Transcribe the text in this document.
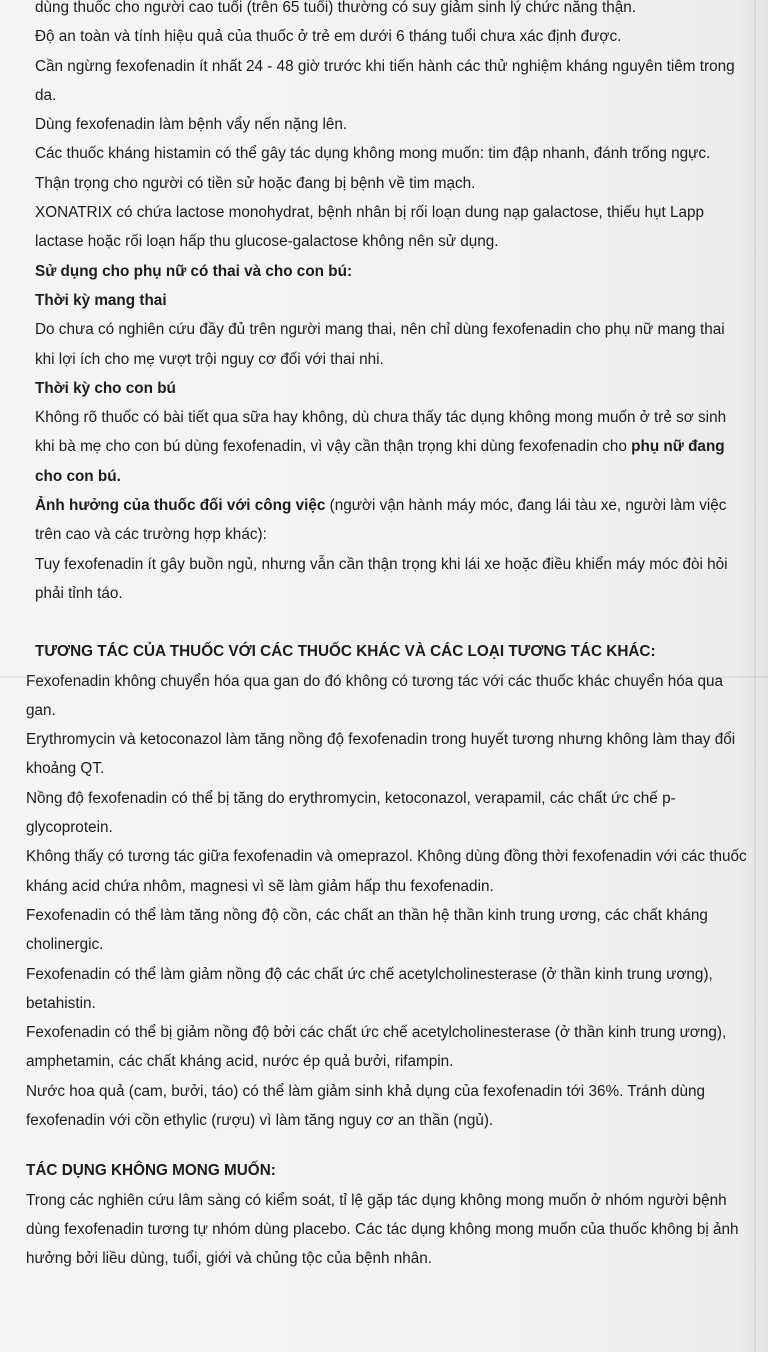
dùng thuốc cho người cao tuổi (trên 65 tuổi) thường có suy giảm sinh lý chức năng thận.

Độ an toàn và tính hiệu quả của thuốc ở trẻ em dưới 6 tháng tuổi chưa xác định được.

Cần ngừng fexofenadin ít nhất 24 - 48 giờ trước khi tiến hành các thử nghiệm kháng nguyên tiêm trong da.

Dùng fexofenadin làm bệnh vẩy nến nặng lên.

Các thuốc kháng histamin có thể gây tác dụng không mong muốn: tim đập nhanh, đánh trống ngực. Thận trọng cho người có tiền sử hoặc đang bị bệnh về tim mạch.

XONATRIX có chứa lactose monohydrat, bệnh nhân bị rối loạn dung nạp galactose, thiếu hụt Lapp lactase hoặc rối loạn hấp thu glucose-galactose không nên sử dụng.

Sử dụng cho phụ nữ có thai và cho con bú:

Thời kỳ mang thai

Do chưa có nghiên cứu đầy đủ trên người mang thai, nên chỉ dùng fexofenadin cho phụ nữ mang thai khi lợi ích cho mẹ vượt trội nguy cơ đối với thai nhi.

Thời kỳ cho con bú

Không rõ thuốc có bài tiết qua sữa hay không, dù chưa thấy tác dụng không mong muốn ở trẻ sơ sinh khi bà mẹ cho con bú dùng fexofenadin, vì vậy cần thận trọng khi dùng fexofenadin cho phụ nữ đang cho con bú.

Ảnh hưởng của thuốc đối với công việc (người vận hành máy móc, đang lái tàu xe, người làm việc trên cao và các trường hợp khác):

Tuy fexofenadin ít gây buồn ngủ, nhưng vẫn cần thận trọng khi lái xe hoặc điều khiển máy móc đòi hỏi phải tỉnh táo.

TƯƠNG TÁC CỦA THUỐC VỚI CÁC THUỐC KHÁC VÀ CÁC LOẠI TƯƠNG TÁC KHÁC:

Fexofenadin không chuyển hóa qua gan do đó không có tương tác với các thuốc khác chuyển hóa qua gan.

Erythromycin và ketoconazol làm tăng nồng độ fexofenadin trong huyết tương nhưng không làm thay đổi khoảng QT.

Nồng độ fexofenadin có thể bị tăng do erythromycin, ketoconazol, verapamil, các chất ức chế p-glycoprotein.

Không thấy có tương tác giữa fexofenadin và omeprazol. Không dùng đồng thời fexofenadin với các thuốc kháng acid chứa nhôm, magnesi vì sẽ làm giảm hấp thu fexofenadin.

Fexofenadin có thể làm tăng nồng độ cồn, các chất an thần hệ thần kinh trung ương, các chất kháng cholinergic.

Fexofenadin có thể làm giảm nồng độ các chất ức chế acetylcholinesterase (ở thần kinh trung ương), betahistin.

Fexofenadin có thể bị giảm nồng độ bởi các chất ức chế acetylcholinesterase (ở thần kinh trung ương), amphetamin, các chất kháng acid, nước ép quả bưởi, rifampin.

Nước hoa quả (cam, bưởi, táo) có thể làm giảm sinh khả dụng của fexofenadin tới 36%. Tránh dùng fexofenadin với cồn ethylic (rượu) vì làm tăng nguy cơ an thần (ngủ).

TÁC DỤNG KHÔNG MONG MUỐN:

Trong các nghiên cứu lâm sàng có kiểm soát, tỉ lệ gặp tác dụng không mong muốn ở nhóm người bệnh dùng fexofenadin tương tự nhóm dùng placebo. Các tác dụng không mong muốn của thuốc không bị ảnh hưởng bởi liều dùng, tuổi, giới và chủng tộc của bệnh nhân.
